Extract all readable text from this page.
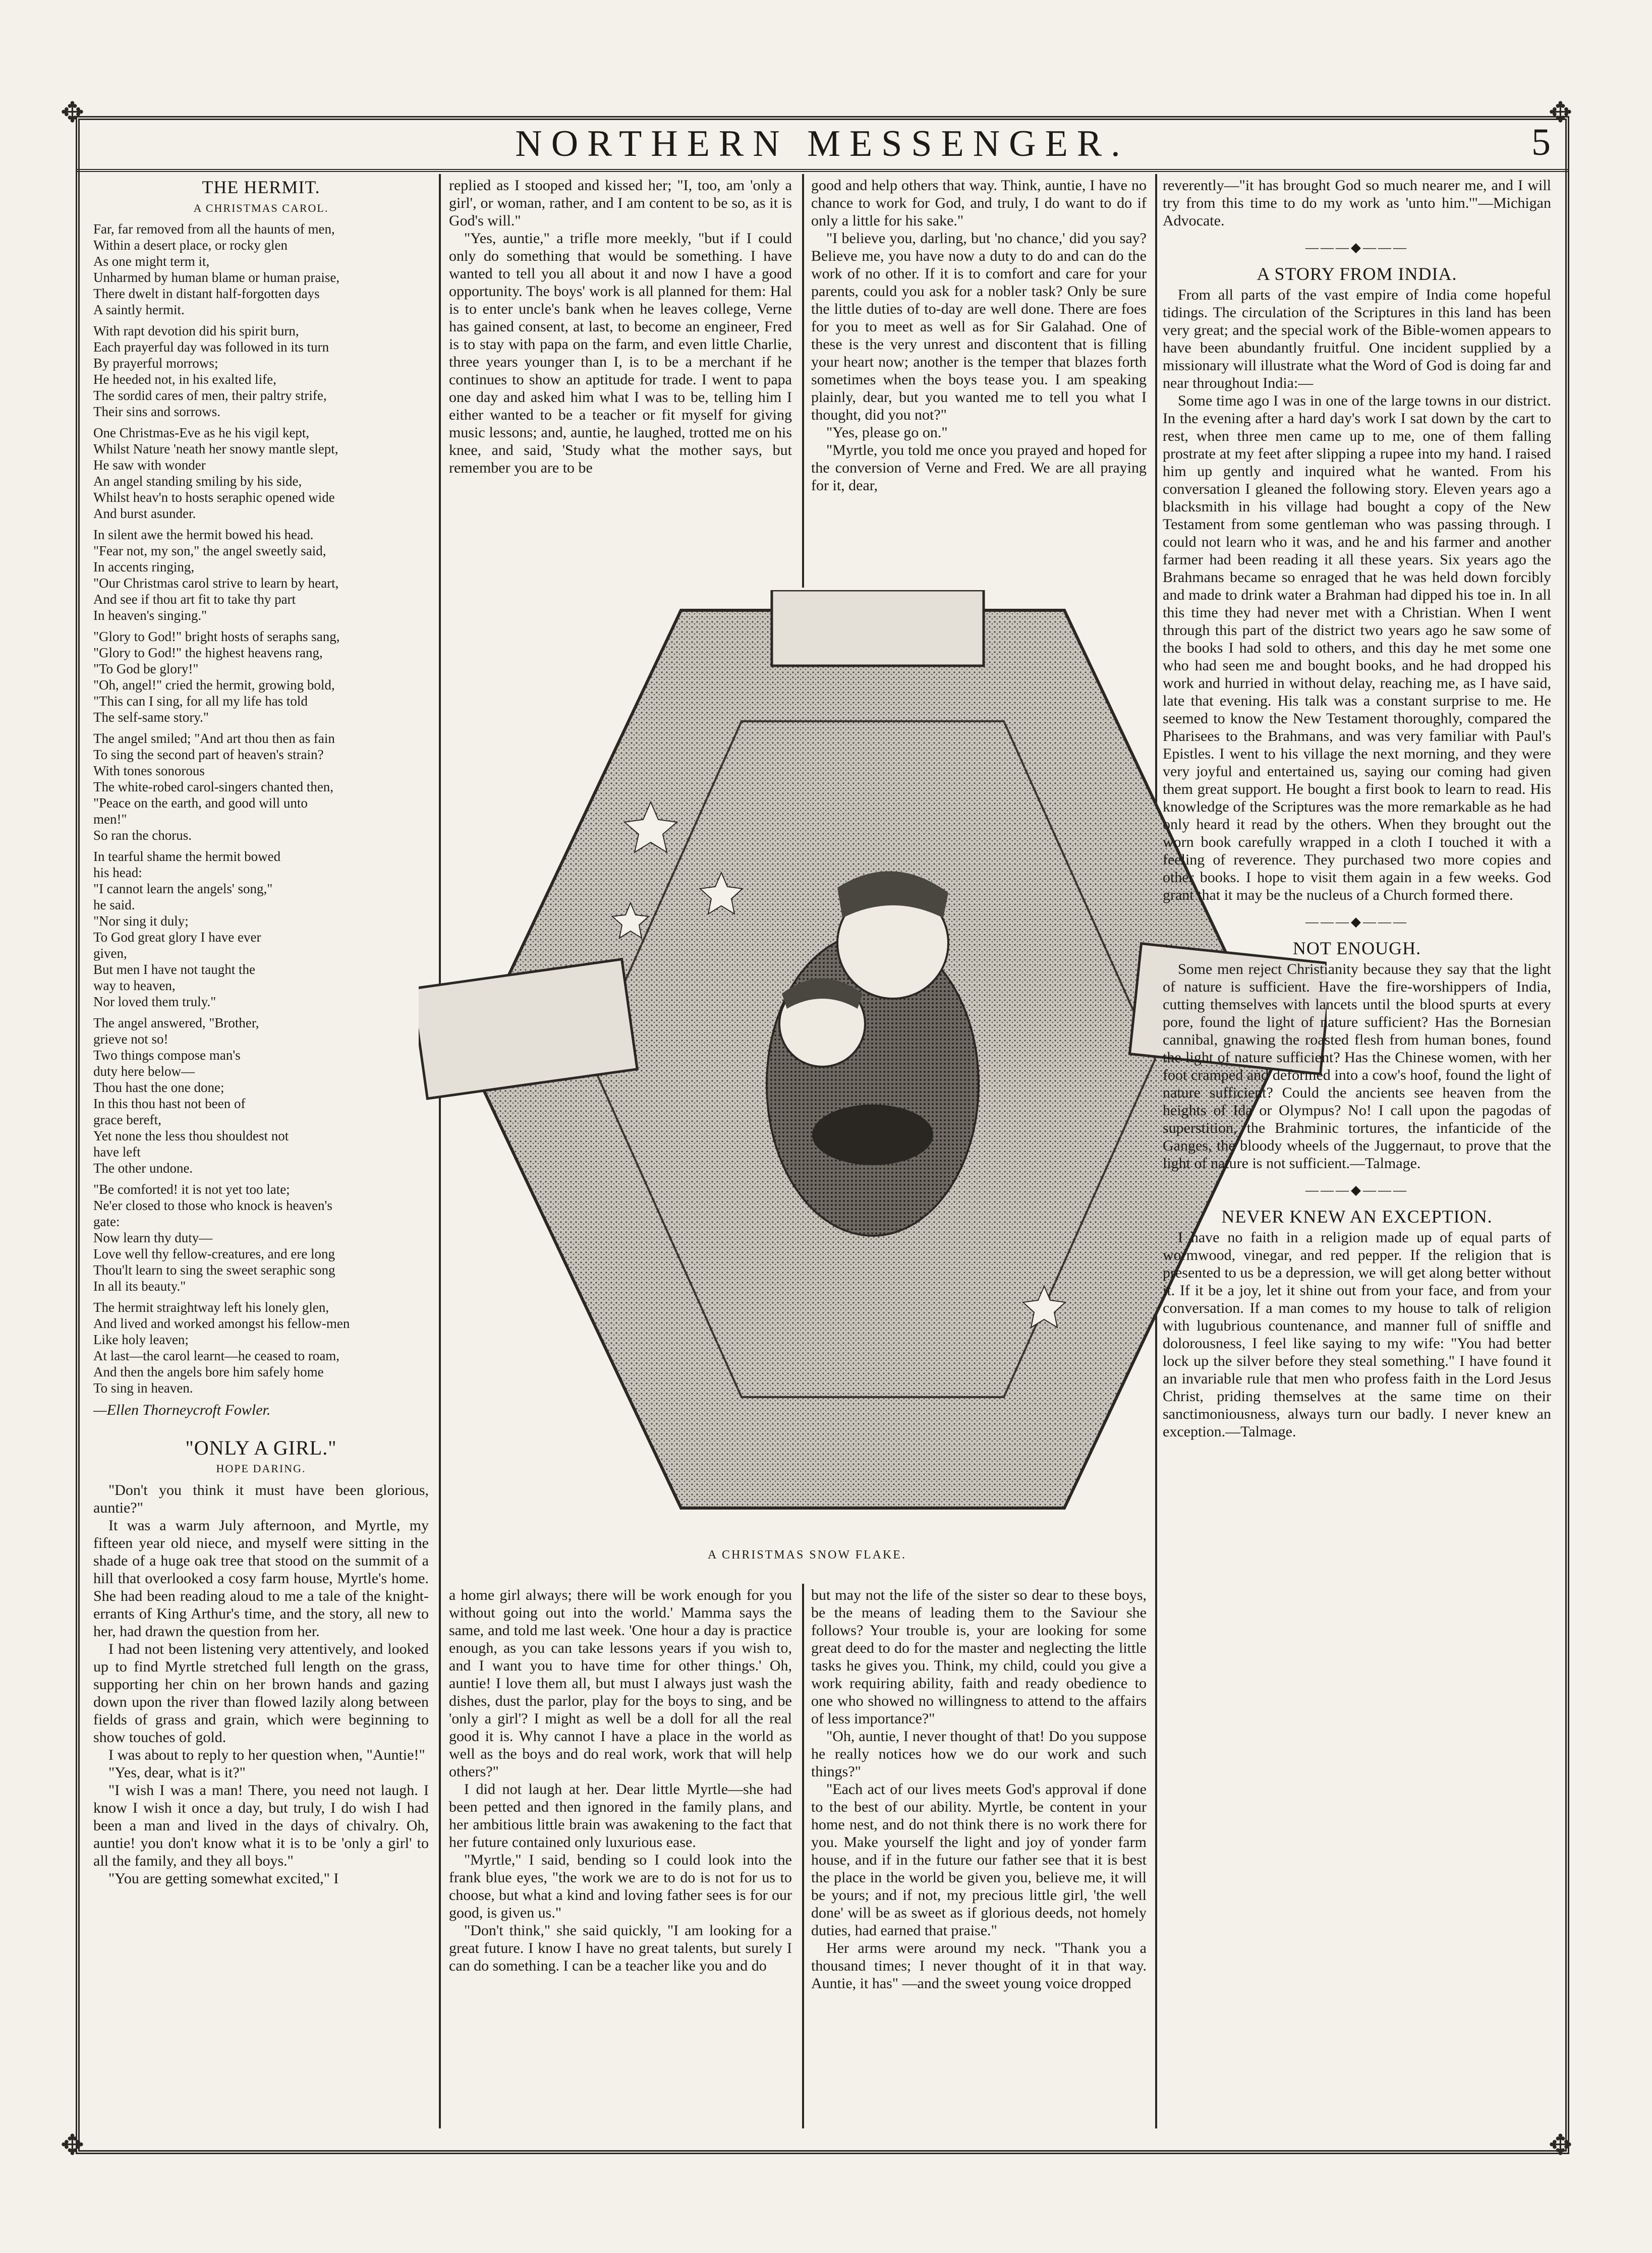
✥	✥
✥	✥
NORTHERN MESSENGER.	5
THE HERMIT.
A CHRISTMAS CAROL.

Far, far removed from all the haunts of men,
Within a desert place, or rocky glen
As one might term it,
Unharmed by human blame or human praise,
There dwelt in distant half-forgotten days
A saintly hermit.

With rapt devotion did his spirit burn,
Each prayerful day was followed in its turn
By prayerful morrows;
He heeded not, in his exalted life,
The sordid cares of men, their paltry strife,
Their sins and sorrows.

One Christmas-Eve as he his vigil kept,
Whilst Nature 'neath her snowy mantle slept,
He saw with wonder
An angel standing smiling by his side,
Whilst heav'n to hosts seraphic opened wide
And burst asunder.

In silent awe the hermit bowed his head.
"Fear not, my son," the angel sweetly said,
In accents ringing,
"Our Christmas carol strive to learn by heart,
And see if thou art fit to take thy part
In heaven's singing."

"Glory to God!" bright hosts of seraphs sang,
"Glory to God!" the highest heavens rang,
"To God be glory!"
"Oh, angel!" cried the hermit, growing bold,
"This can I sing, for all my life has told
The self-same story."

The angel smiled; "And art thou then as fain
To sing the second part of heaven's strain?
With tones sonorous
The white-robed carol-singers chanted then,
"Peace on the earth, and good will unto
men!"
So ran the chorus.

In tearful shame the hermit bowed
his head:
"I cannot learn the angels' song,"
he said.
"Nor sing it duly;
To God great glory I have ever
given,
But men I have not taught the
way to heaven,
Nor loved them truly."

The angel answered, "Brother,
grieve not so!
Two things compose man's
duty here below—
Thou hast the one done;
In this thou hast not been of
grace bereft,
Yet none the less thou shouldest not
have left
The other undone.

"Be comforted! it is not yet too late;
Ne'er closed to those who knock is heaven's
gate:
Now learn thy duty—
Love well thy fellow-creatures, and ere long
Thou'lt learn to sing the sweet seraphic song
In all its beauty."

The hermit straightway left his lonely glen,
And lived and worked amongst his fellow-men
Like holy leaven;
At last—the carol learnt—he ceased to roam,
And then the angels bore him safely home
To sing in heaven.

—Ellen Thorneycroft Fowler.
"ONLY A GIRL."
HOPE DARING.

"Don't you think it must have been glorious, auntie?"

It was a warm July afternoon, and Myrtle, my fifteen year old niece, and myself were sitting in the shade of a huge oak tree that stood on the summit of a hill that overlooked a cosy farm house, Myrtle's home. She had been reading aloud to me a tale of the knight-errants of King Arthur's time, and the story, all new to her, had drawn the question from her.

I had not been listening very attentively, and looked up to find Myrtle stretched full length on the grass, supporting her chin on her brown hands and gazing down upon the river than flowed lazily along between fields of grass and grain, which were beginning to show touches of gold.

I was about to reply to her question when, "Auntie!"

"Yes, dear, what is it?"

"I wish I was a man! There, you need not laugh. I know I wish it once a day, but truly, I do wish I had been a man and lived in the days of chivalry. Oh, auntie! you don't know what it is to be 'only a girl' to all the family, and they all boys."

"You are getting somewhat excited," I

replied as I stooped and kissed her; "I, too, am 'only a girl', or woman, rather, and I am content to be so, as it is God's will."

"Yes, auntie," a trifle more meekly, "but if I could only do something that would be something. I have wanted to tell you all about it and now I have a good opportunity. The boys' work is all planned for them: Hal is to enter uncle's bank when he leaves college, Verne has gained consent, at last, to become an engineer, Fred is to stay with papa on the farm, and even little Charlie, three years younger than I, is to be a merchant if he continues to show an aptitude for trade. I went to papa one day and asked him what I was to be, telling him I either wanted to be a teacher or fit myself for giving music lessons; and, auntie, he laughed, trotted me on his knee, and said, 'Study what the mother says, but remember you are to be

good and help others that way. Think, auntie, I have no chance to work for God, and truly, I do want to do if only a little for his sake."

"I believe you, darling, but 'no chance,' did you say? Believe me, you have now a duty to do and can do the work of no other. If it is to comfort and care for your parents, could you ask for a nobler task? Only be sure the little duties of to-day are well done. There are foes for you to meet as well as for Sir Galahad. One of these is the very unrest and discontent that is filling your heart now; another is the temper that blazes forth sometimes when the boys tease you. I am speaking plainly, dear, but you wanted me to tell you what I thought, did you not?"

"Yes, please go on."

"Myrtle, you told me once you prayed and hoped for the conversion of Verne and Fred. We are all praying for it, dear,

A CHRISTMAS SNOW FLAKE.

a home girl always; there will be work enough for you without going out into the world.' Mamma says the same, and told me last week. 'One hour a day is practice enough, as you can take lessons years if you wish to, and I want you to have time for other things.' Oh, auntie! I love them all, but must I always just wash the dishes, dust the parlor, play for the boys to sing, and be 'only a girl'? I might as well be a doll for all the real good it is. Why cannot I have a place in the world as well as the boys and do real work, work that will help others?"

I did not laugh at her. Dear little Myrtle—she had been petted and then ignored in the family plans, and her ambitious little brain was awakening to the fact that her future contained only luxurious ease.

"Myrtle," I said, bending so I could look into the frank blue eyes, "the work we are to do is not for us to choose, but what a kind and loving father sees is for our good, is given us."

"Don't think," she said quickly, "I am looking for a great future. I know I have no great talents, but surely I can do something. I can be a teacher like you and do

but may not the life of the sister so dear to these boys, be the means of leading them to the Saviour she follows? Your trouble is, your are looking for some great deed to do for the master and neglecting the little tasks he gives you. Think, my child, could you give a work requiring ability, faith and ready obedience to one who showed no willingness to attend to the affairs of less importance?"

"Oh, auntie, I never thought of that! Do you suppose he really notices how we do our work and such things?"

"Each act of our lives meets God's approval if done to the best of our ability. Myrtle, be content in your home nest, and do not think there is no work there for you. Make yourself the light and joy of yonder farm house, and if in the future our father see that it is best the place in the world be given you, believe me, it will be yours; and if not, my precious little girl, 'the well done' will be as sweet as if glorious deeds, not homely duties, had earned that praise."

Her arms were around my neck. "Thank you a thousand times; I never thought of it in that way. Auntie, it has" —and the sweet young voice dropped

reverently—"it has brought God so much nearer me, and I will try from this time to do my work as 'unto him.'"—Michigan Advocate.

———◆———
A STORY FROM INDIA.

From all parts of the vast empire of India come hopeful tidings. The circulation of the Scriptures in this land has been very great; and the special work of the Bible-women appears to have been abundantly fruitful. One incident supplied by a missionary will illustrate what the Word of God is doing far and near throughout India:—

Some time ago I was in one of the large towns in our district. In the evening after a hard day's work I sat down by the cart to rest, when three men came up to me, one of them falling prostrate at my feet after slipping a rupee into my hand. I raised him up gently and inquired what he wanted. From his conversation I gleaned the following story. Eleven years ago a blacksmith in his village had bought a copy of the New Testament from some gentleman who was passing through. I could not learn who it was, and he and his farmer and another farmer had been reading it all these years. Six years ago the Brahmans became so enraged that he was held down forcibly and made to drink water a Brahman had dipped his toe in. In all this time they had never met with a Christian. When I went through this part of the district two years ago he saw some of the books I had sold to others, and this day he met some one who had seen me and bought books, and he had dropped his work and hurried in without delay, reaching me, as I have said, late that evening. His talk was a constant surprise to me. He seemed to know the New Testament thoroughly, compared the Pharisees to the Brahmans, and was very familiar with Paul's Epistles. I went to his village the next morning, and they were very joyful and entertained us, saying our coming had given them great support. He bought a first book to learn to read. His knowledge of the Scriptures was the more remarkable as he had only heard it read by the others. When they brought out the worn book carefully wrapped in a cloth I touched it with a feeling of reverence. They purchased two more copies and other books. I hope to visit them again in a few weeks. God grant that it may be the nucleus of a Church formed there.

———◆———
NOT ENOUGH.

Some men reject Christianity because they say that the light of nature is sufficient. Have the fire-worshippers of India, cutting themselves with lancets until the blood spurts at every pore, found the light of nature sufficient? Has the Bornesian cannibal, gnawing the roasted flesh from human bones, found the light of nature sufficient? Has the Chinese women, with her foot cramped and deformed into a cow's hoof, found the light of nature sufficient? Could the ancients see heaven from the heights of Ida or Olympus? No! I call upon the pagodas of superstition, the Brahminic tortures, the infanticide of the Ganges, the bloody wheels of the Juggernaut, to prove that the light of nature is not sufficient.—Talmage.

———◆———
NEVER KNEW AN EXCEPTION.

I have no faith in a religion made up of equal parts of wormwood, vinegar, and red pepper. If the religion that is presented to us be a depression, we will get along better without it. If it be a joy, let it shine out from your face, and from your conversation. If a man comes to my house to talk of religion with lugubrious countenance, and manner full of sniffle and dolorousness, I feel like saying to my wife: "You had better lock up the silver before they steal something." I have found it an invariable rule that men who profess faith in the Lord Jesus Christ, priding themselves at the same time on their sanctimoniousness, always turn our badly. I never knew an exception.—Talmage.
